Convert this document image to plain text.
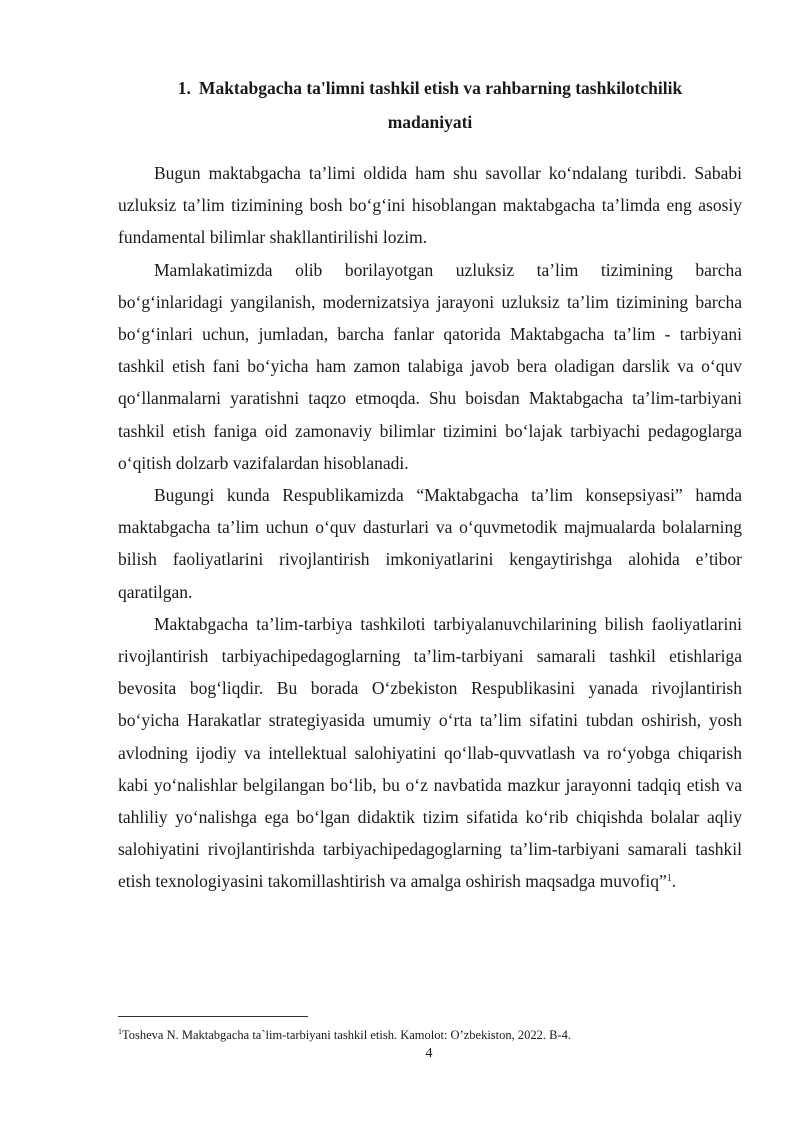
1. Maktabgacha ta'limni tashkil etish va rahbarning tashkilotchilik
madaniyati

Bugun maktabgacha ta’limi oldida ham shu savollar ko‘ndalang turibdi. Sababi uzluksiz ta’lim tizimining bosh bo‘g‘ini hisoblangan maktabgacha ta’limda eng asosiy fundamental bilimlar shakllantirilishi lozim.

Mamlakatimizda olib borilayotgan uzluksiz ta’lim tizimining barcha bo‘g‘inlaridagi yangilanish, modernizatsiya jarayoni uzluksiz ta’lim tizimining barcha bo‘g‘inlari uchun, jumladan, barcha fanlar qatorida Maktabgacha ta’lim - tarbiyani tashkil etish fani bo‘yicha ham zamon talabiga javob bera oladigan darslik va o‘quv qo‘llanmalarni yaratishni taqzo etmoqda. Shu boisdan Maktabgacha ta’lim-tarbiyani tashkil etish faniga oid zamonaviy bilimlar tizimini bo‘lajak tarbiyachi pedagoglarga o‘qitish dolzarb vazifalardan hisoblanadi.

Bugungi kunda Respublikamizda “Maktabgacha ta’lim konsepsiyasi” hamda maktabgacha ta’lim uchun o‘quv dasturlari va o‘quvmetodik majmualarda bolalarning bilish faoliyatlarini rivojlantirish imkoniyatlarini kengaytirishga alohida e’tibor qaratilgan.

Maktabgacha ta’lim-tarbiya tashkiloti tarbiyalanuvchilarining bilish faoliyatlarini rivojlantirish tarbiyachipedagoglarning ta’lim-tarbiyani samarali tashkil etishlariga bevosita bog‘liqdir. Bu borada O‘zbekiston Respublikasini yanada rivojlantirish bo‘yicha Harakatlar strategiyasida umumiy o‘rta ta’lim sifatini tubdan oshirish, yosh avlodning ijodiy va intellektual salohiyatini qo‘llab-quvvatlash va ro‘yobga chiqarish kabi yo‘nalishlar belgilangan bo‘lib, bu o‘z navbatida mazkur jarayonni tadqiq etish va tahliliy yo‘nalishga ega bo‘lgan didaktik tizim sifatida ko‘rib chiqishda bolalar aqliy salohiyatini rivojlantirishda tarbiyachipedagoglarning ta’lim-tarbiyani samarali tashkil etish texnologiyasini takomillashtirish va amalga oshirish maqsadga muvofiq”$^1$.

$^1$Tosheva N. Maktabgacha ta`lim-tarbiyani tashkil etish. Kamolot: O’zbekiston, 2022. B-4.
4
